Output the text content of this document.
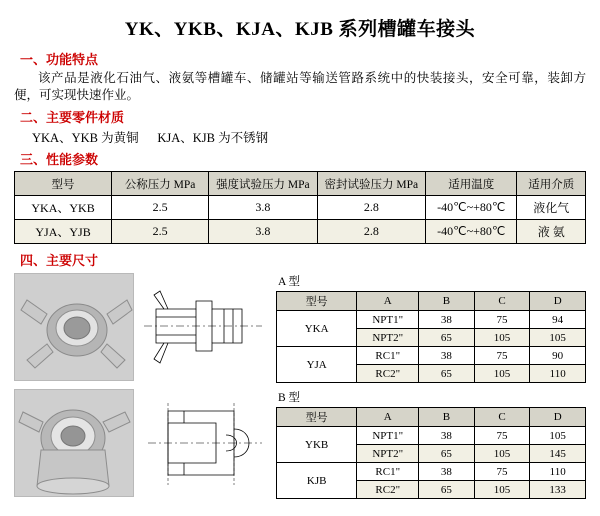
YK、YKB、KJA、KJB 系列槽罐车接头
一、功能特点
该产品是液化石油气、液氨等槽罐车、储罐站等输送管路系统中的快装接头，安全可靠，装卸方便，可实现快速作业。
二、主要零件材质
YKA、YKB 为黄铜      KJA、KJB 为不锈钢
三、性能参数
型号	公称压力 MPa	强度试验压力 MPa	密封试验压力 MPa	适用温度	适用介质
YKA、YKB	2.5	3.8	2.8	-40℃~+80℃	液化气
YJA、YJB	2.5	3.8	2.8	-40℃~+80℃	液 氨
四、主要尺寸
A 型
型号	A	B	C	D
YKA	NPT1"	38	75	94
	NPT2"	65	105	105
YJA	RC1"	38	75	90
	RC2"	65	105	110
B 型
型号	A	B	C	D
YKB	NPT1"	38	75	105
	NPT2"	65	105	145
KJB	RC1"	38	75	110
	RC2"	65	105	133
